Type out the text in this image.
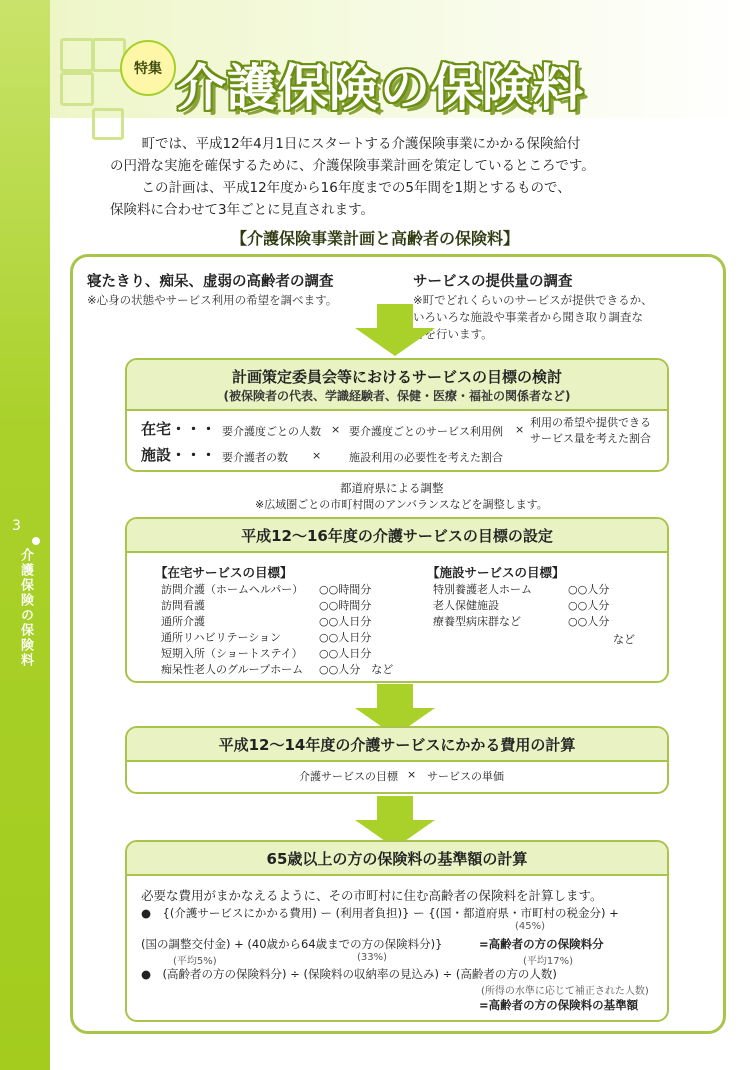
3
介護保険の保険料
特集 介護保険の保険料

町では、平成12年4月1日にスタートする介護保険事業にかかる保険給付

の円滑な実施を確保するために、介護保険事業計画を策定しているところです。

この計画は、平成12年度から16年度までの5年間を1期とするもので、

保険料に合わせて3年ごとに見直されます。

【介護保険事業計画と高齢者の保険料】
寝たきり、痴呆、虚弱の高齢者の調査
※心身の状態やサービス利用の希望を調べます。
サービスの提供量の調査
※町でどれくらいのサービスが提供できるか、
いろいろな施設や事業者から聞き取り調査な
どを行います。
計画策定委員会等におけるサービスの目標の検討
(被保険者の代表、学識経験者、保健・医療・福祉の関係者など)
在宅・・・ 要介護度ごとの人数 × 要介護度ごとのサービス利用例 ×
利用の希望や提供できる
サービス量を考えた割合
施設・・・ 要介護者の数 ×	施設利用の必要性を考えた割合
都道府県による調整
※広域圏ごとの市町村間のアンバランスなどを調整します。
平成12～16年度の介護サービスの目標の設定
【在宅サービスの目標】
訪問介護（ホームヘルパー） ○○時間分
訪問看護	○○時間分
通所介護	○○人日分
通所リハビリテーション	○○人日分
短期入所（ショートステイ） ○○人日分
痴呆性老人のグループホーム ○○人分　など
【施設サービスの目標】
特別養護老人ホーム	○○人分
老人保健施設	○○人分
療養型病床群など	○○人分
など
平成12～14年度の介護サービスにかかる費用の計算
介護サービスの目標 × サービスの単価
65歳以上の方の保険料の基準額の計算
必要な費用がまかなえるように、その市町村に住む高齢者の保険料を計算します。
●　{(介護サービスにかかる費用) ー (利用者負担)} ー {(国・都道府県・市町村の税金分) +
(45%)
(国の調整交付金) + (40歳から64歳までの方の保険料分)}	=高齢者の方の保険料分
(平均5%)	(33%)	(平均17%)
●　(高齢者の方の保険料分) ÷ (保険料の収納率の見込み) ÷ (高齢者の方の人数)
(所得の水準に応じて補正された人数)
=高齢者の方の保険料の基準額
